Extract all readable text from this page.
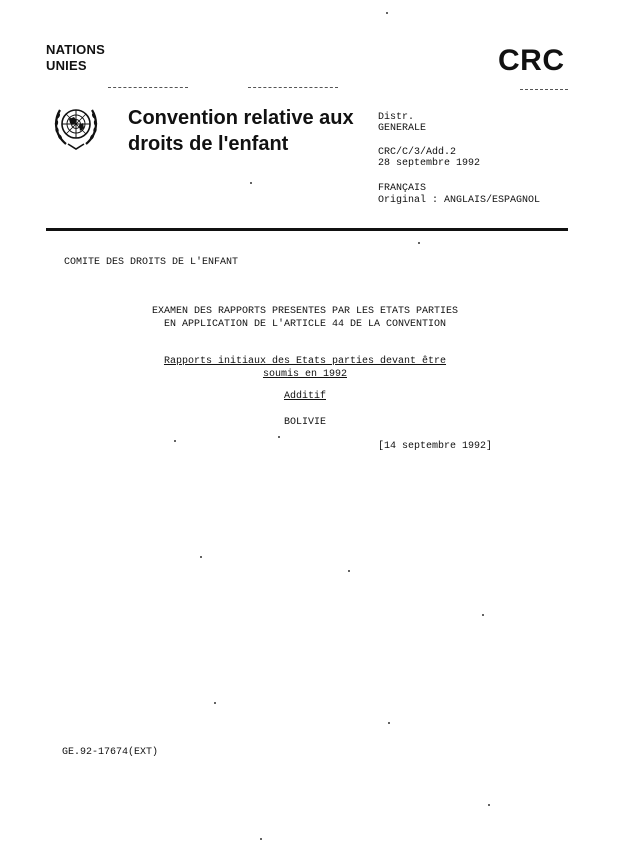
NATIONS
UNIES	CRC
Convention relative aux
droits de l'enfant
Distr.
GENERALE
CRC/C/3/Add.2
28 septembre 1992
FRANÇAIS
Original : ANGLAIS/ESPAGNOL
COMITE DES DROITS DE L'ENFANT
EXAMEN DES RAPPORTS PRESENTES PAR LES ETATS PARTIES
EN APPLICATION DE L'ARTICLE 44 DE LA CONVENTION
Rapports initiaux des Etats parties devant être
soumis en 1992
Additif
BOLIVIE
[14 septembre 1992]
GE.92-17674(EXT)
